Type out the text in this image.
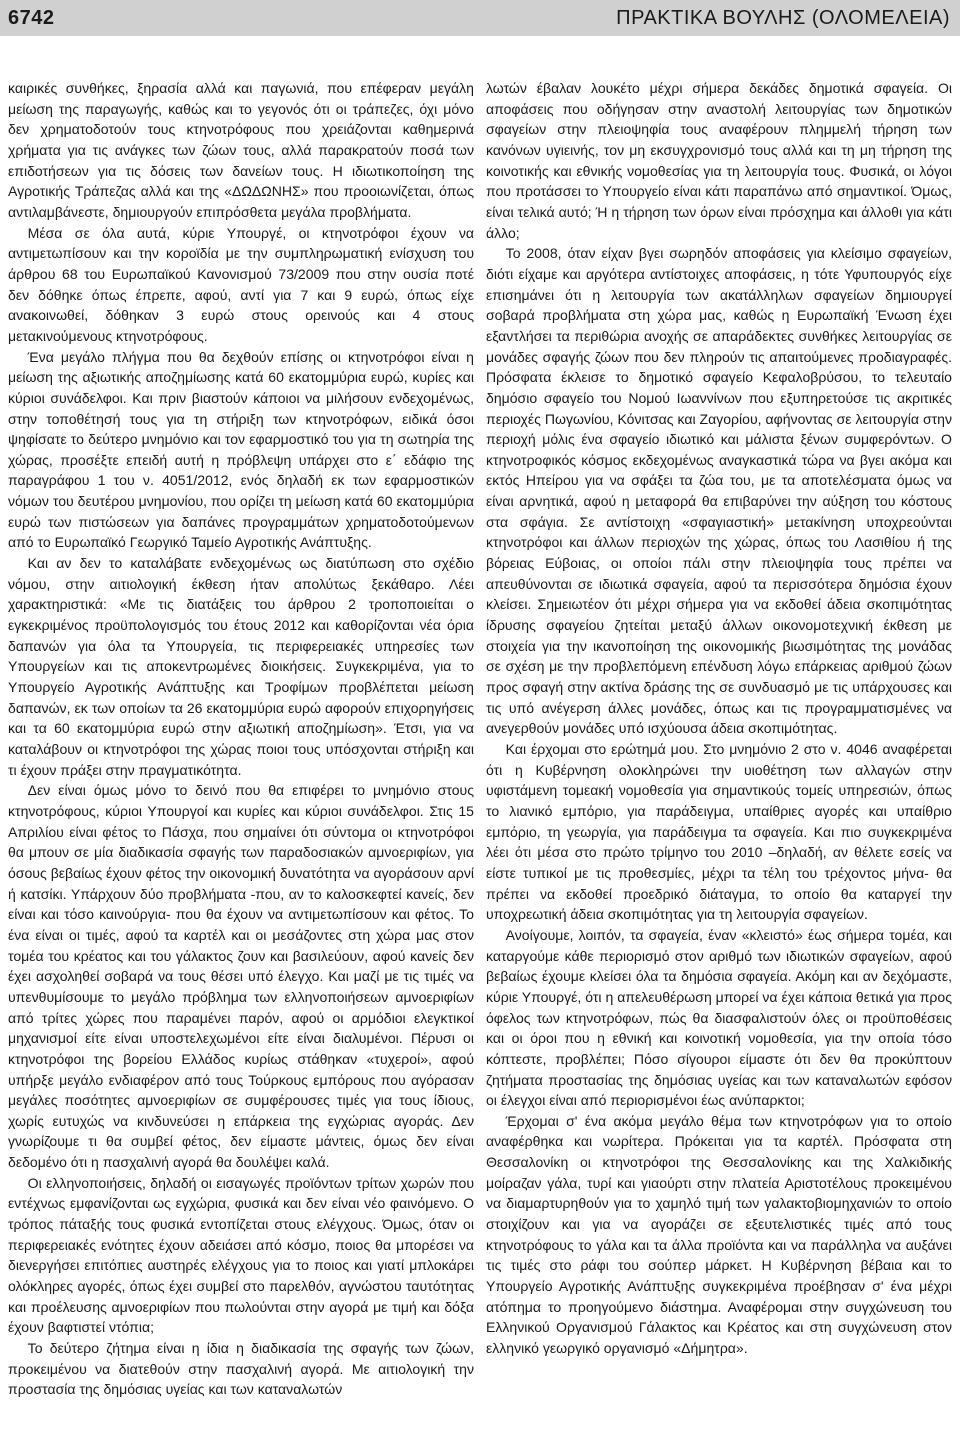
6742	ΠΡΑΚΤΙΚΑ ΒΟΥΛΗΣ (ΟΛΟΜΕΛΕΙΑ)

καιρικές συνθήκες, ξηρασία αλλά και παγωνιά, που επέφεραν μεγάλη μείωση της παραγωγής, καθώς και το γεγονός ότι οι τράπεζες, όχι μόνο δεν χρηματοδοτούν τους κτηνοτρόφους που χρειάζονται καθημερινά χρήματα για τις ανάγκες των ζώων τους, αλλά παρακρατούν ποσά των επιδοτήσεων για τις δόσεις των δανείων τους. Η ιδιωτικοποίηση της Αγροτικής Τράπεζας αλλά και της «ΔΩΔΩΝΗΣ» που προοιωνίζεται, όπως αντιλαμβάνεστε, δημιουργούν επιπρόσθετα μεγάλα προβλήματα.

Μέσα σε όλα αυτά, κύριε Υπουργέ, οι κτηνοτρόφοι έχουν να αντιμετωπίσουν και την κοροϊδία με την συμπληρωματική ενίσχυση του άρθρου 68 του Ευρωπαϊκού Κανονισμού 73/2009 που στην ουσία ποτέ δεν δόθηκε όπως έπρεπε, αφού, αντί για 7 και 9 ευρώ, όπως είχε ανακοινωθεί, δόθηκαν 3 ευρώ στους ορεινούς και 4 στους μετακινούμενους κτηνοτρόφους.

Ένα μεγάλο πλήγμα που θα δεχθούν επίσης οι κτηνοτρόφοι είναι η μείωση της αξιωτικής αποζημίωσης κατά 60 εκατομμύρια ευρώ, κυρίες και κύριοι συνάδελφοι. Και πριν βιαστούν κάποιοι να μιλήσουν ενδεχομένως, στην τοποθέτησή τους για τη στήριξη των κτηνοτρόφων, ειδικά όσοι ψηφίσατε το δεύτερο μνημόνιο και τον εφαρμοστικό του για τη σωτηρία της χώρας, προσέξτε επειδή αυτή η πρόβλεψη υπάρχει στο ε΄ εδάφιο της παραγράφου 1 του ν. 4051/2012, ενός δηλαδή εκ των εφαρμοστικών νόμων του δευτέρου μνημονίου, που ορίζει τη μείωση κατά 60 εκατομμύρια ευρώ των πιστώσεων για δαπάνες προγραμμάτων χρηματοδοτούμενων από το Ευρωπαϊκό Γεωργικό Ταμείο Αγροτικής Ανάπτυξης.

Και αν δεν το καταλάβατε ενδεχομένως ως διατύπωση στο σχέδιο νόμου, στην αιτιολογική έκθεση ήταν απολύτως ξεκάθαρο. Λέει χαρακτηριστικά: «Με τις διατάξεις του άρθρου 2 τροποποιείται ο εγκεκριμένος προϋπολογισμός του έτους 2012 και καθορίζονται νέα όρια δαπανών για όλα τα Υπουργεία, τις περιφερειακές υπηρεσίες των Υπουργείων και τις αποκεντρωμένες διοικήσεις. Συγκεκριμένα, για το Υπουργείο Αγροτικής Ανάπτυξης και Τροφίμων προβλέπεται μείωση δαπανών, εκ των οποίων τα 26 εκατομμύρια ευρώ αφορούν επιχορηγήσεις και τα 60 εκατομμύρια ευρώ στην αξιωτική αποζημίωση». Έτσι, για να καταλάβουν οι κτηνοτρόφοι της χώρας ποιοι τους υπόσχονται στήριξη και τι έχουν πράξει στην πραγματικότητα.

Δεν είναι όμως μόνο το δεινό που θα επιφέρει το μνημόνιο στους κτηνοτρόφους, κύριοι Υπουργοί και κυρίες και κύριοι συνάδελφοι. Στις 15 Απριλίου είναι φέτος το Πάσχα, που σημαίνει ότι σύντομα οι κτηνοτρόφοι θα μπουν σε μία διαδικασία σφαγής των παραδοσιακών αμνοεριφίων, για όσους βεβαίως έχουν φέτος την οικονομική δυνατότητα να αγοράσουν αρνί ή κατσίκι. Υπάρχουν δύο προβλήματα -που, αν το καλοσκεφτεί κανείς, δεν είναι και τόσο καινούργια- που θα έχουν να αντιμετωπίσουν και φέτος. Το ένα είναι οι τιμές, αφού τα καρτέλ και οι μεσάζοντες στη χώρα μας στον τομέα του κρέατος και του γάλακτος ζουν και βασιλεύουν, αφού κανείς δεν έχει ασχοληθεί σοβαρά να τους θέσει υπό έλεγχο. Και μαζί με τις τιμές να υπενθυμίσουμε το μεγάλο πρόβλημα των ελληνοποιήσεων αμνοεριφίων από τρίτες χώρες που παραμένει παρόν, αφού οι αρμόδιοι ελεγκτικοί μηχανισμοί είτε είναι υποστελεχωμένοι είτε είναι διαλυμένοι. Πέρυσι οι κτηνοτρόφοι της βορείου Ελλάδος κυρίως στάθηκαν «τυχεροί», αφού υπήρξε μεγάλο ενδιαφέρον από τους Τούρκους εμπόρους που αγόρασαν μεγάλες ποσότητες αμνοεριφίων σε συμφέρουσες τιμές για τους ίδιους, χωρίς ευτυχώς να κινδυνεύσει η επάρκεια της εγχώριας αγοράς. Δεν γνωρίζουμε τι θα συμβεί φέτος, δεν είμαστε μάντεις, όμως δεν είναι δεδομένο ότι η πασχαλινή αγορά θα δουλέψει καλά.

Οι ελληνοποιήσεις, δηλαδή οι εισαγωγές προϊόντων τρίτων χωρών που εντέχνως εμφανίζονται ως εγχώρια, φυσικά και δεν είναι νέο φαινόμενο. Ο τρόπος πάταξής τους φυσικά εντοπίζεται στους ελέγχους. Όμως, όταν οι περιφερειακές ενότητες έχουν αδειάσει από κόσμο, ποιος θα μπορέσει να διενεργήσει επιτόπιες αυστηρές ελέγχους για το ποιος και γιατί μπλοκάρει ολόκληρες αγορές, όπως έχει συμβεί στο παρελθόν, αγνώστου ταυτότητας και προέλευσης αμνοεριφίων που πωλούνται στην αγορά με τιμή και δόξα έχουν βαφτιστεί ντόπια;

Το δεύτερο ζήτημα είναι η ίδια η διαδικασία της σφαγής των ζώων, προκειμένου να διατεθούν στην πασχαλινή αγορά. Με αιτιολογική την προστασία της δημόσιας υγείας και των καταναλωτών

λωτών έβαλαν λουκέτο μέχρι σήμερα δεκάδες δημοτικά σφαγεία. Οι αποφάσεις που οδήγησαν στην αναστολή λειτουργίας των δημοτικών σφαγείων στην πλειοψηφία τους αναφέρουν πλημμελή τήρηση των κανόνων υγιεινής, τον μη εκσυγχρονισμό τους αλλά και τη μη τήρηση της κοινοτικής και εθνικής νομοθεσίας για τη λειτουργία τους. Φυσικά, οι λόγοι που προτάσσει το Υπουργείο είναι κάτι παραπάνω από σημαντικοί. Όμως, είναι τελικά αυτό; Ή η τήρηση των όρων είναι πρόσχημα και άλλοθι για κάτι άλλο;

Το 2008, όταν είχαν βγει σωρηδόν αποφάσεις για κλείσιμο σφαγείων, διότι είχαμε και αργότερα αντίστοιχες αποφάσεις, η τότε Υφυπουργός είχε επισημάνει ότι η λειτουργία των ακατάλληλων σφαγείων δημιουργεί σοβαρά προβλήματα στη χώρα μας, καθώς η Ευρωπαϊκή Ένωση έχει εξαντλήσει τα περιθώρια ανοχής σε απαράδεκτες συνθήκες λειτουργίας σε μονάδες σφαγής ζώων που δεν πληρούν τις απαιτούμενες προδιαγραφές. Πρόσφατα έκλεισε το δημοτικό σφαγείο Κεφαλοβρύσου, το τελευταίο δημόσιο σφαγείο του Νομού Ιωαννίνων που εξυπηρετούσε τις ακριτικές περιοχές Πωγωνίου, Κόνιτσας και Ζαγορίου, αφήνοντας σε λειτουργία στην περιοχή μόλις ένα σφαγείο ιδιωτικό και μάλιστα ξένων συμφερόντων. Ο κτηνοτροφικός κόσμος εκδεχομένως αναγκαστικά τώρα να βγει ακόμα και εκτός Ηπείρου για να σφάξει τα ζώα του, με τα αποτελέσματα όμως να είναι αρνητικά, αφού η μεταφορά θα επιβαρύνει την αύξηση του κόστους στα σφάγια. Σε αντίστοιχη «σφαγιαστική» μετακίνηση υποχρεούνται κτηνοτρόφοι και άλλων περιοχών της χώρας, όπως του Λασιθίου ή της βόρειας Εύβοιας, οι οποίοι πάλι στην πλειοψηφία τους πρέπει να απευθύνονται σε ιδιωτικά σφαγεία, αφού τα περισσότερα δημόσια έχουν κλείσει. Σημειωτέον ότι μέχρι σήμερα για να εκδοθεί άδεια σκοπιμότητας ίδρυσης σφαγείου ζητείται μεταξύ άλλων οικονομοτεχνική έκθεση με στοιχεία για την ικανοποίηση της οικονομικής βιωσιμότητας της μονάδας σε σχέση με την προβλεπόμενη επένδυση λόγω επάρκειας αριθμού ζώων προς σφαγή στην ακτίνα δράσης της σε συνδυασμό με τις υπάρχουσες και τις υπό ανέγερση άλλες μονάδες, όπως και τις προγραμματισμένες να ανεγερθούν μονάδες υπό ισχύουσα άδεια σκοπιμότητας.

Και έρχομαι στο ερώτημά μου. Στο μνημόνιο 2 στο ν. 4046 αναφέρεται ότι η Κυβέρνηση ολοκληρώνει την υιοθέτηση των αλλαγών στην υφιστάμενη τομεακή νομοθεσία για σημαντικούς τομείς υπηρεσιών, όπως το λιανικό εμπόριο, για παράδειγμα, υπαίθριες αγορές και υπαίθριο εμπόριο, τη γεωργία, για παράδειγμα τα σφαγεία. Και πιο συγκεκριμένα λέει ότι μέσα στο πρώτο τρίμηνο του 2010 –δηλαδή, αν θέλετε εσείς να είστε τυπικοί με τις προθεσμίες, μέχρι τα τέλη του τρέχοντος μήνα- θα πρέπει να εκδοθεί προεδρικό διάταγμα, το οποίο θα καταργεί την υποχρεωτική άδεια σκοπιμότητας για τη λειτουργία σφαγείων.

Ανοίγουμε, λοιπόν, τα σφαγεία, έναν «κλειστό» έως σήμερα τομέα, και καταργούμε κάθε περιορισμό στον αριθμό των ιδιωτικών σφαγείων, αφού βεβαίως έχουμε κλείσει όλα τα δημόσια σφαγεία. Ακόμη και αν δεχόμαστε, κύριε Υπουργέ, ότι η απελευθέρωση μπορεί να έχει κάποια θετικά για προς όφελος των κτηνοτρόφων, πώς θα διασφαλιστούν όλες οι προϋποθέσεις και οι όροι που η εθνική και κοινοτική νομοθεσία, για την οποία τόσο κόπτεστε, προβλέπει; Πόσο σίγουροι είμαστε ότι δεν θα προκύπτουν ζητήματα προστασίας της δημόσιας υγείας και των καταναλωτών εφόσον οι έλεγχοι είναι από περιορισμένοι έως ανύπαρκτοι;

Έρχομαι σ' ένα ακόμα μεγάλο θέμα των κτηνοτρόφων για το οποίο αναφέρθηκα και νωρίτερα. Πρόκειται για τα καρτέλ. Πρόσφατα στη Θεσσαλονίκη οι κτηνοτρόφοι της Θεσσαλονίκης και της Χαλκιδικής μοίραζαν γάλα, τυρί και γιαούρτι στην πλατεία Αριστοτέλους προκειμένου να διαμαρτυρηθούν για το χαμηλό τιμή των γαλακτοβιομηχανιών το οποίο στοιχίζουν και για να αγοράζει σε εξευτελιστικές τιμές από τους κτηνοτρόφους το γάλα και τα άλλα προϊόντα και να παράλληλα να αυξάνει τις τιμές στο ράφι του σούπερ μάρκετ. Η Κυβέρνηση βέβαια και το Υπουργείο Αγροτικής Ανάπτυξης συγκεκριμένα προέβησαν σ' ένα μέχρι ατόπημα το προηγούμενο διάστημα. Αναφέρομαι στην συγχώνευση του Ελληνικού Οργανισμού Γάλακτος και Κρέατος και στη συγχώνευση στον ελληνικό γεωργικό οργανισμό «Δήμητρα».
